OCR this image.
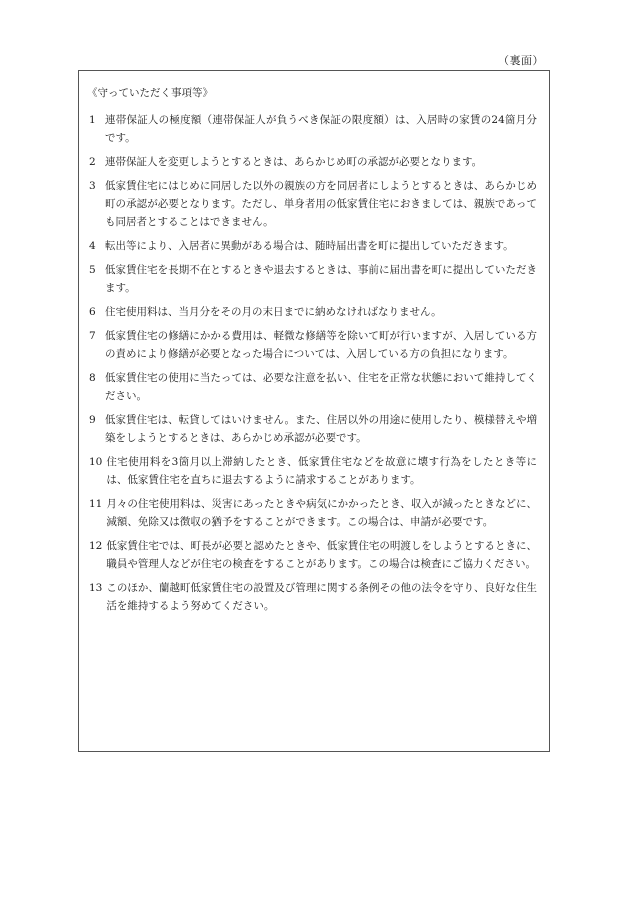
（裏面）
《守っていただく事項等》
1 連帯保証人の極度額（連帯保証人が負うべき保証の限度額）は、入居時の家賃の24箇月分です。
2 連帯保証人を変更しようとするときは、あらかじめ町の承認が必要となります。
3 低家賃住宅にはじめに同居した以外の親族の方を同居者にしようとするときは、あらかじめ町の承認が必要となります。ただし、単身者用の低家賃住宅におきましては、親族であっても同居者とすることはできません。
4 転出等により、入居者に異動がある場合は、随時届出書を町に提出していただきます。
5 低家賃住宅を長期不在とするときや退去するときは、事前に届出書を町に提出していただきます。
6 住宅使用料は、当月分をその月の末日までに納めなければなりません。
7 低家賃住宅の修繕にかかる費用は、軽微な修繕等を除いて町が行いますが、入居している方の責めにより修繕が必要となった場合については、入居している方の負担になります。
8 低家賃住宅の使用に当たっては、必要な注意を払い、住宅を正常な状態において維持してください。
9 低家賃住宅は、転貸してはいけません。また、住居以外の用途に使用したり、模様替えや増築をしようとするときは、あらかじめ承認が必要です。
10 住宅使用料を3箇月以上滞納したとき、低家賃住宅などを故意に壊す行為をしたとき等には、低家賃住宅を直ちに退去するように請求することがあります。
11 月々の住宅使用料は、災害にあったときや病気にかかったとき、収入が減ったときなどに、減額、免除又は徴収の猶予をすることができます。この場合は、申請が必要です。
12 低家賃住宅では、町長が必要と認めたときや、低家賃住宅の明渡しをしようとするときに、職員や管理人などが住宅の検査をすることがあります。この場合は検査にご協力ください。
13 このほか、蘭越町低家賃住宅の設置及び管理に関する条例その他の法令を守り、良好な住生活を維持するよう努めてください。
